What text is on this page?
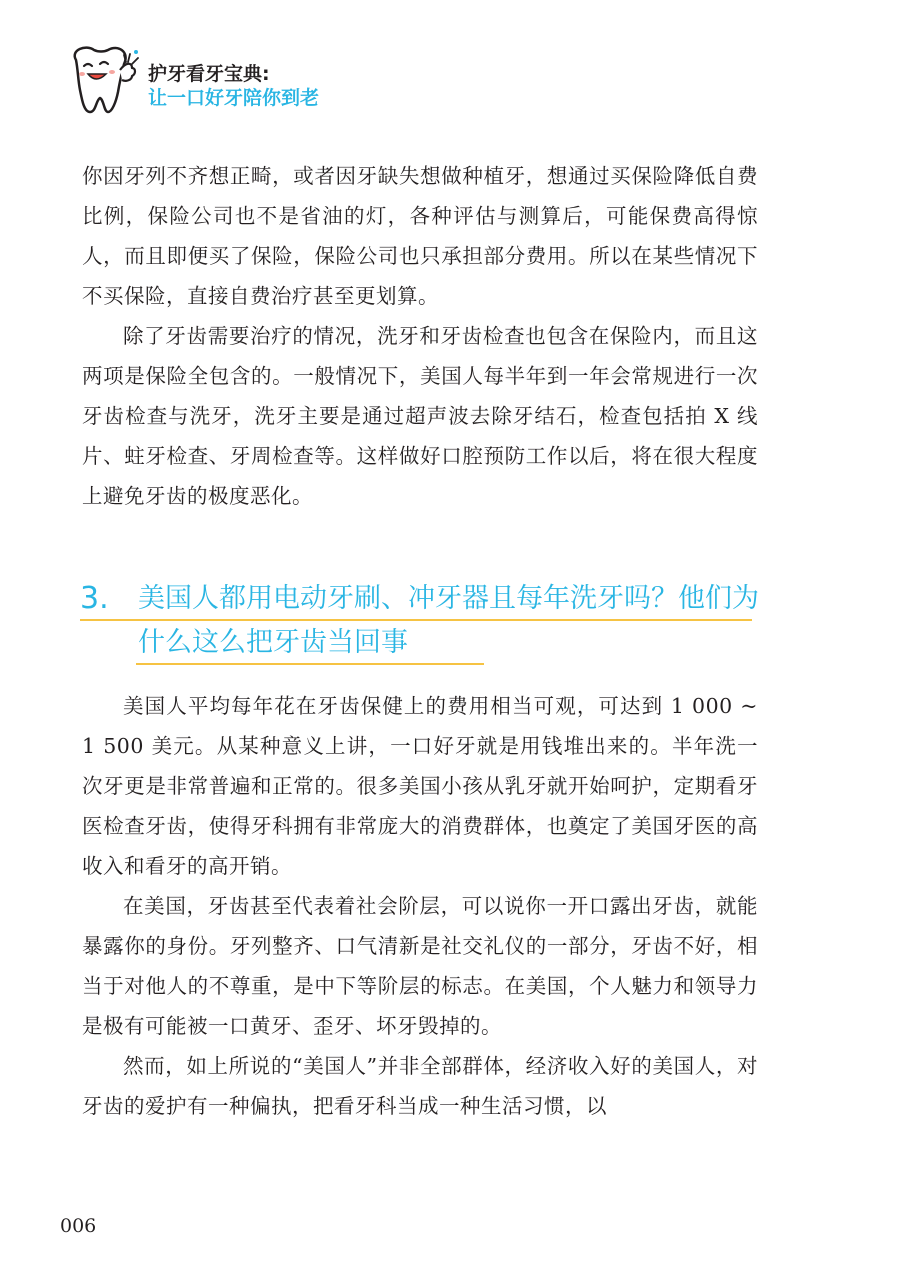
护牙看牙宝典:
让一口好牙陪你到老

你因牙列不齐想正畸，或者因牙缺失想做种植牙，想通过买保险降低自费比例，保险公司也不是省油的灯，各种评估与测算后，可能保费高得惊人，而且即便买了保险，保险公司也只承担部分费用。所以在某些情况下不买保险，直接自费治疗甚至更划算。

除了牙齿需要治疗的情况，洗牙和牙齿检查也包含在保险内，而且这两项是保险全包含的。一般情况下，美国人每半年到一年会常规进行一次牙齿检查与洗牙，洗牙主要是通过超声波去除牙结石，检查包括拍 X 线片、蛀牙检查、牙周检查等。这样做好口腔预防工作以后，将在很大程度上避免牙齿的极度恶化。

3. 美国人都用电动牙刷、冲牙器且每年洗牙吗？他们为什么这么把牙齿当回事

美国人平均每年花在牙齿保健上的费用相当可观，可达到 1 000 ~ 1 500 美元。从某种意义上讲，一口好牙就是用钱堆出来的。半年洗一次牙更是非常普遍和正常的。很多美国小孩从乳牙就开始呵护，定期看牙医检查牙齿，使得牙科拥有非常庞大的消费群体，也奠定了美国牙医的高收入和看牙的高开销。

在美国，牙齿甚至代表着社会阶层，可以说你一开口露出牙齿，就能暴露你的身份。牙列整齐、口气清新是社交礼仪的一部分，牙齿不好，相当于对他人的不尊重，是中下等阶层的标志。在美国，个人魅力和领导力是极有可能被一口黄牙、歪牙、坏牙毁掉的。

然而，如上所说的“美国人”并非全部群体，经济收入好的美国人，对牙齿的爱护有一种偏执，把看牙科当成一种生活习惯，以

006
